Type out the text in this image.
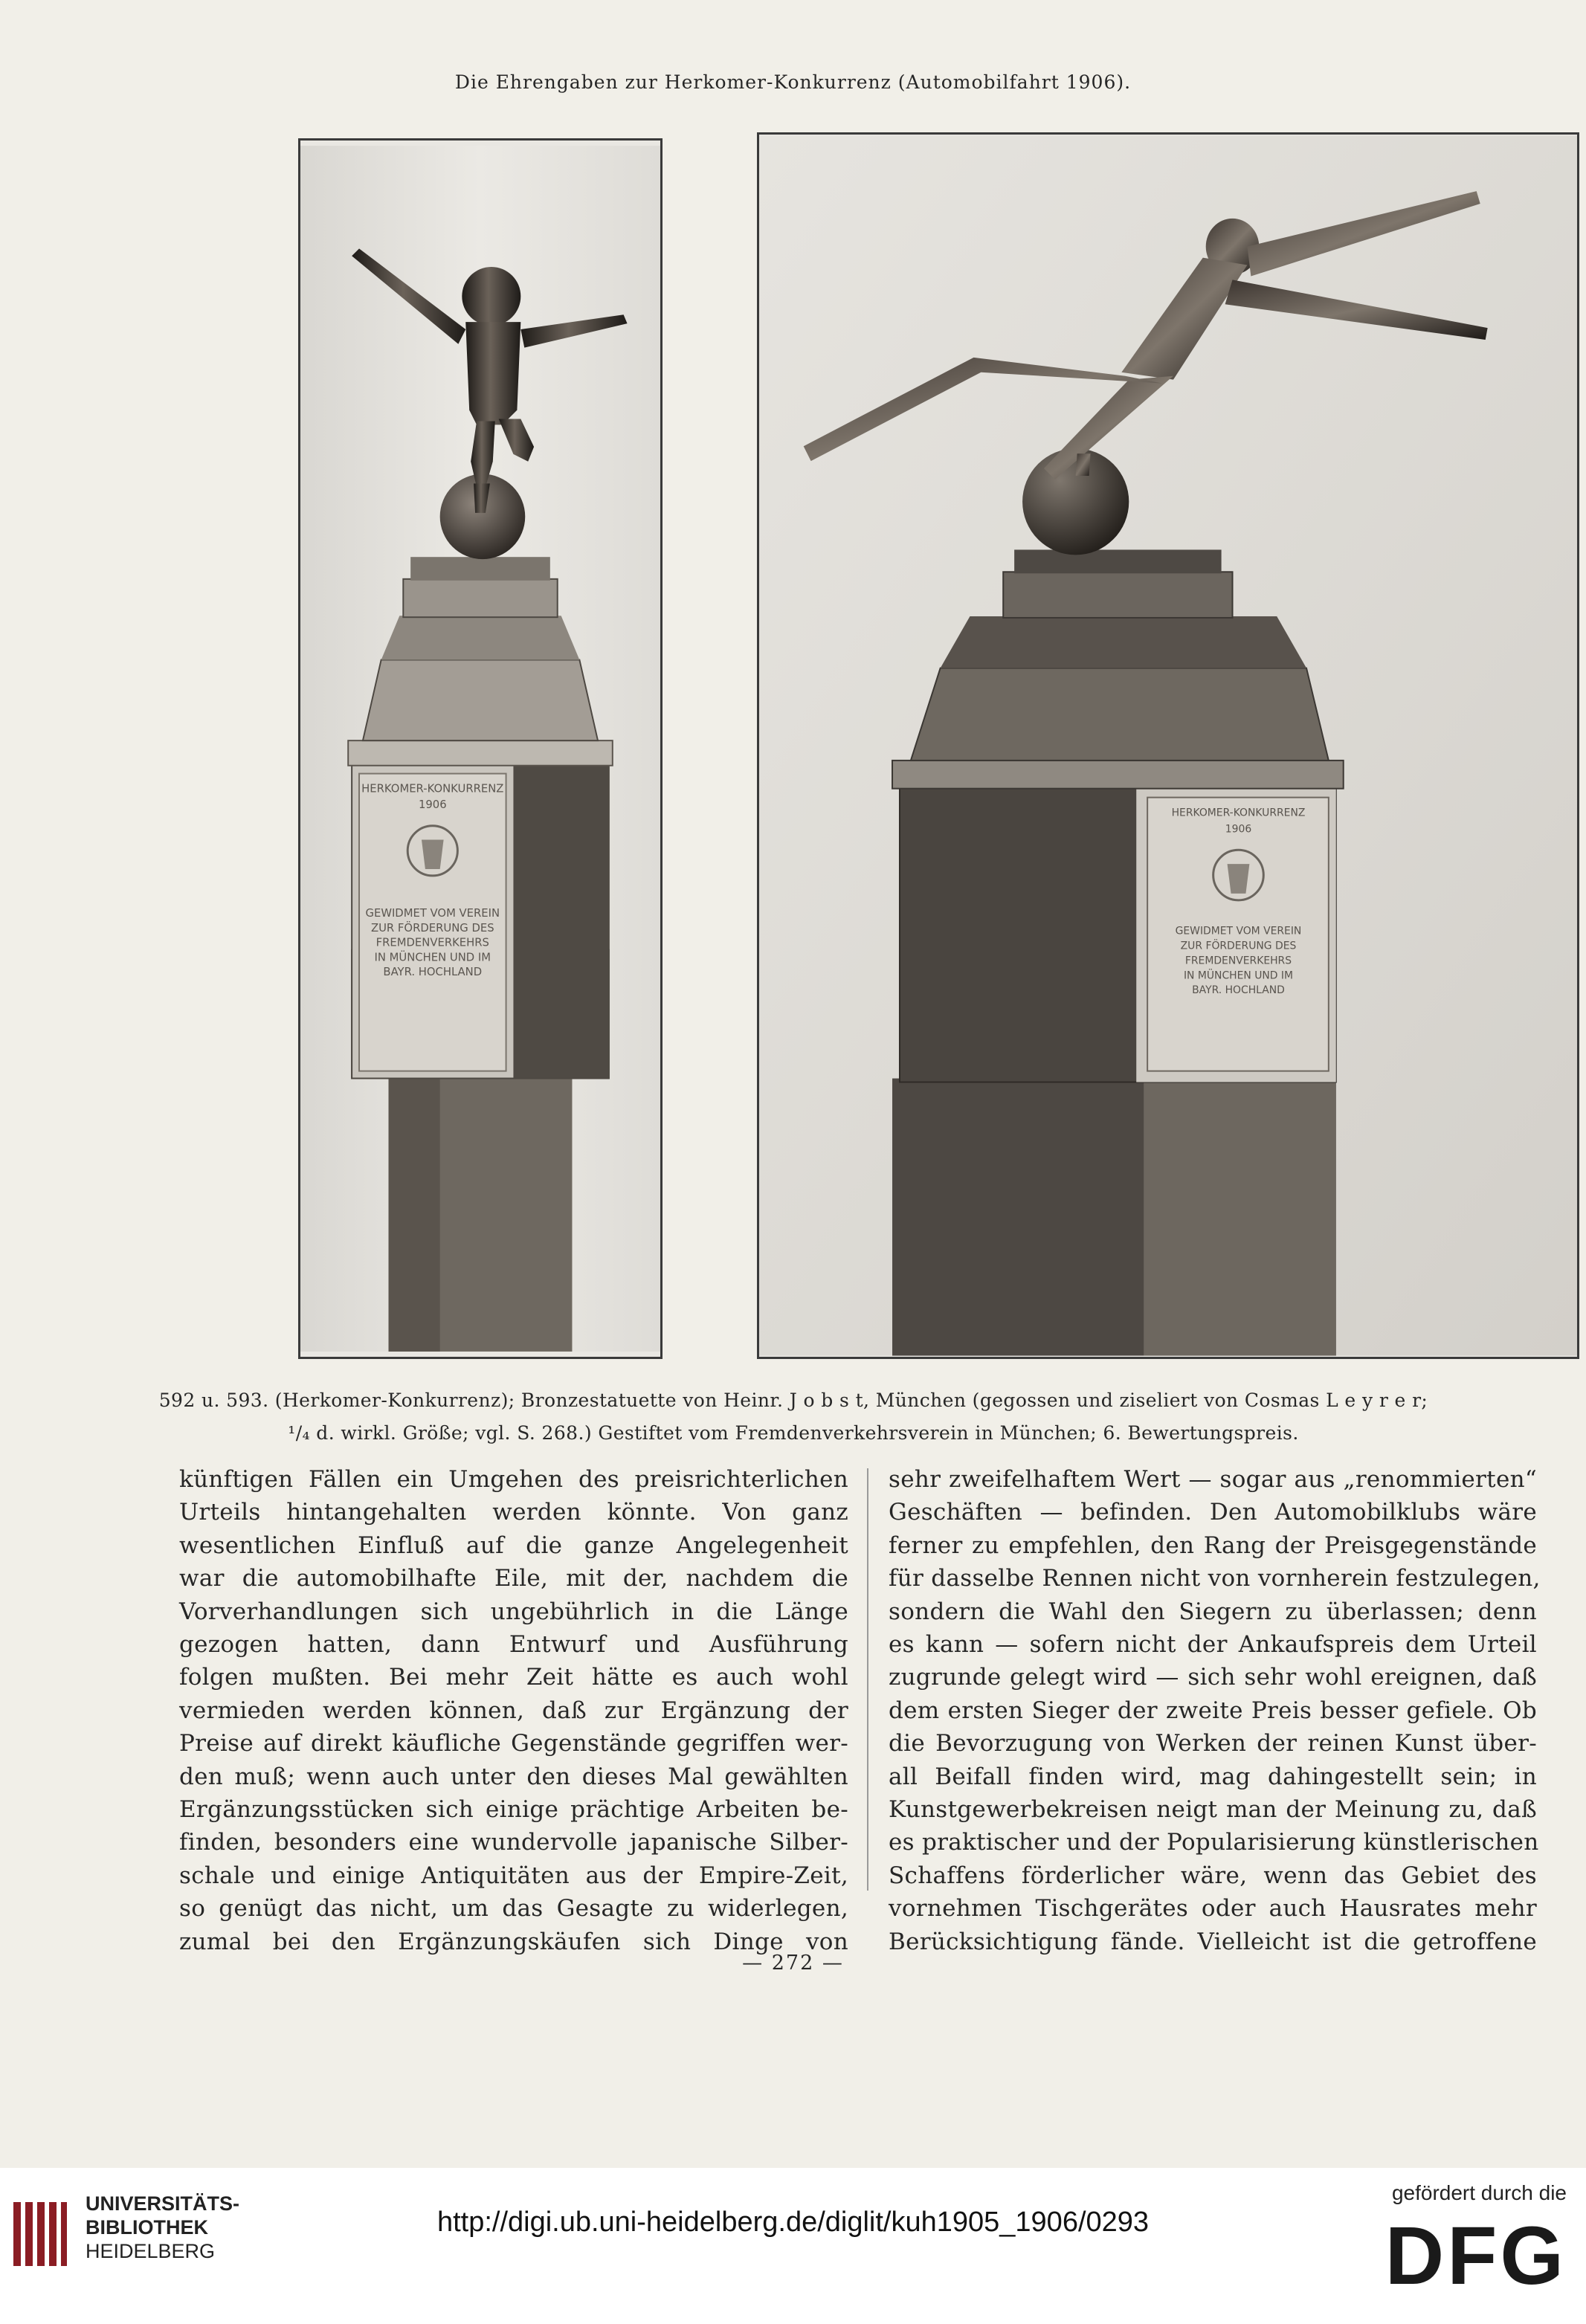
Die Ehrengaben zur Herkomer-Konkurrenz (Automobilfahrt 1906).
HERKOMER-KONKURRENZ
1906
GEWIDMET VOM VEREIN
ZUR FÖRDERUNG DES
FREMDENVERKEHRS
IN MÜNCHEN UND IM
BAYR. HOCHLAND
HERKOMER-KONKURRENZ
1906
GEWIDMET VOM VEREIN
ZUR FÖRDERUNG DES
FREMDENVERKEHRS
IN MÜNCHEN UND IM
BAYR. HOCHLAND
592 u. 593. (Herkomer-Konkurrenz); Bronzestatuette von Heinr. J o b s t, München (gegossen und ziseliert von Cosmas L e y r e r;
¹/₄ d. wirkl. Größe; vgl. S. 268.) Gestiftet vom Fremdenverkehrsverein in München; 6. Bewertungspreis.
künftigen Fällen ein Umgehen des preisrichterlichen
Urteils hintangehalten werden könnte. Von ganz
wesentlichen Einfluß auf die ganze Angelegenheit
war die automobilhafte Eile, mit der, nachdem die
Vorverhandlungen sich ungebührlich in die Länge
gezogen hatten, dann Entwurf und Ausführung
folgen mußten. Bei mehr Zeit hätte es auch wohl
vermieden werden können, daß zur Ergänzung der
Preise auf direkt käufliche Gegenstände gegriffen wer-
den muß; wenn auch unter den dieses Mal gewählten
Ergänzungsstücken sich einige prächtige Arbeiten be-
finden, besonders eine wundervolle japanische Silber-
schale und einige Antiquitäten aus der Empire-Zeit,
so genügt das nicht, um das Gesagte zu widerlegen,
zumal bei den Ergänzungskäufen sich Dinge von
sehr zweifelhaftem Wert — sogar aus „renommierten“
Geschäften — befinden. Den Automobilklubs wäre
ferner zu empfehlen, den Rang der Preisgegenstände
für dasselbe Rennen nicht von vornherein festzulegen,
sondern die Wahl den Siegern zu überlassen; denn
es kann — sofern nicht der Ankaufspreis dem Urteil
zugrunde gelegt wird — sich sehr wohl ereignen, daß
dem ersten Sieger der zweite Preis besser gefiele. Ob
die Bevorzugung von Werken der reinen Kunst über-
all Beifall finden wird, mag dahingestellt sein; in
Kunstgewerbekreisen neigt man der Meinung zu, daß
es praktischer und der Popularisierung künstlerischen
Schaffens förderlicher wäre, wenn das Gebiet des
vornehmen Tischgerätes oder auch Hausrates mehr
Berücksichtigung fände. Vielleicht ist die getroffene
— 272 —
UNIVERSITÄTS-
BIBLIOTHEK
HEIDELBERG
http://digi.ub.uni-heidelberg.de/diglit/kuh1905_1906/0293
gefördert durch die
DFG
